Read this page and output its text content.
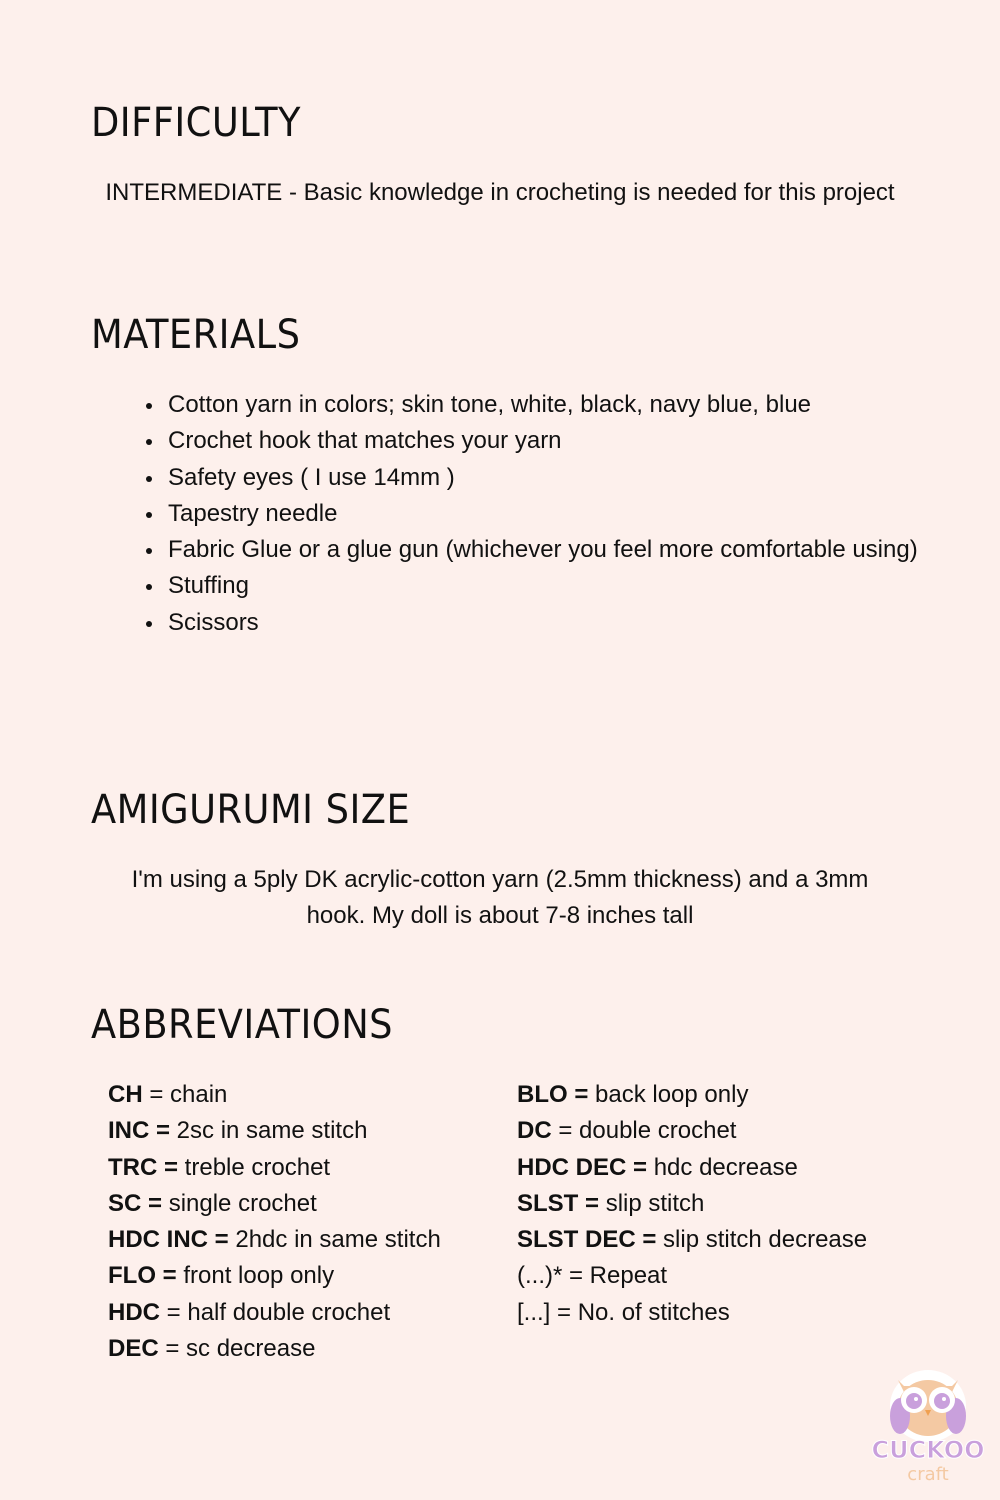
DIFFICULTY

INTERMEDIATE - Basic knowledge in crocheting is needed for this project

MATERIALS
Cotton yarn in colors; skin tone, white, black, navy blue, blue
Crochet hook that matches your yarn
Safety eyes ( I use 14mm )
Tapestry needle
Fabric Glue or a glue gun (whichever you feel more comfortable using)
Stuffing
Scissors
AMIGURUMI SIZE

I'm using a 5ply DK acrylic-cotton yarn (2.5mm thickness) and a 3mm hook. My doll is about 7-8 inches tall

ABBREVIATIONS
CH = chain
INC = 2sc in same stitch
TRC = treble crochet
SC = single crochet
HDC INC = 2hdc in same stitch
FLO = front loop only
HDC = half double crochet
DEC = sc decrease
BLO = back loop only
DC = double crochet
HDC DEC = hdc decrease
SLST = slip stitch
SLST DEC = slip stitch decrease
(...)* = Repeat
[...] = No. of stitches
CUCKOO
craft
